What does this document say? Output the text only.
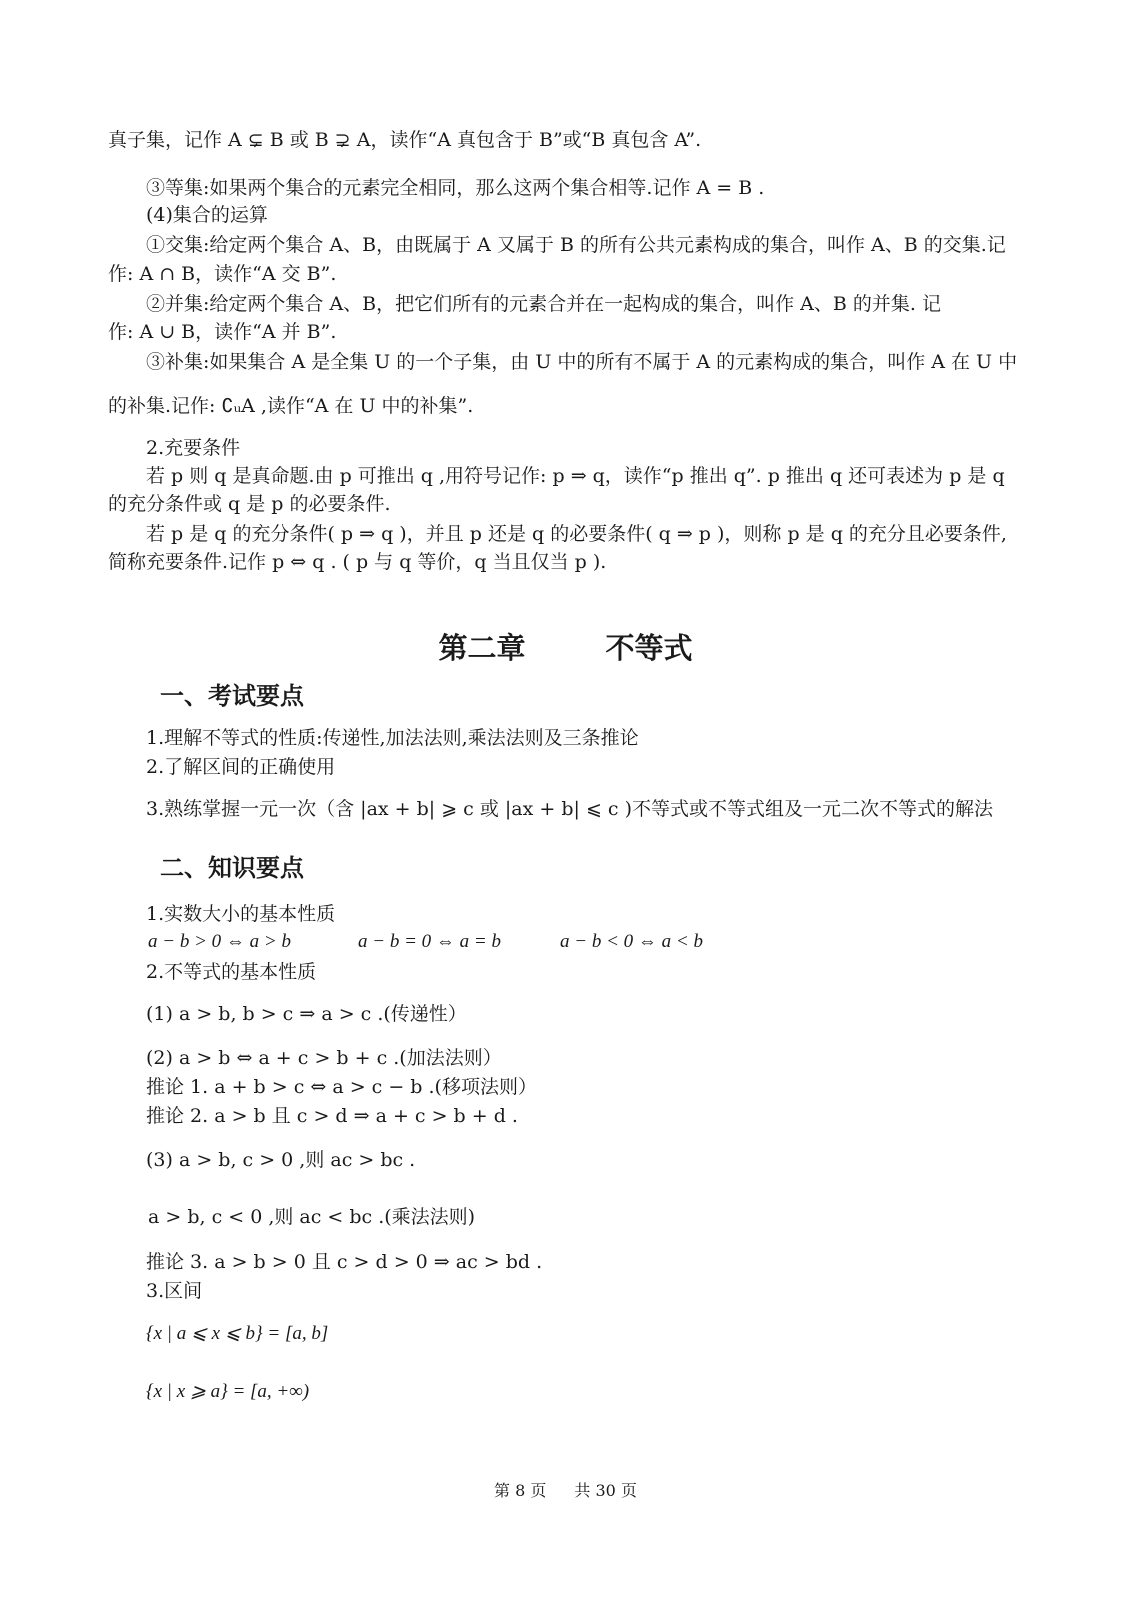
真子集，记作 A ⊊ B 或 B ⊋ A，读作“A 真包含于 B”或“B 真包含 A”.
③等集:如果两个集合的元素完全相同，那么这两个集合相等.记作 A = B .
(4)集合的运算
①交集:给定两个集合 A、B，由既属于 A 又属于 B 的所有公共元素构成的集合，叫作 A、B 的交集.记
作: A ∩ B，读作“A 交 B”.
②并集:给定两个集合 A、B，把它们所有的元素合并在一起构成的集合，叫作 A、B 的并集. 记
作: A ∪ B，读作“A 并 B”.
③补集:如果集合 A 是全集 U 的一个子集，由 U 中的所有不属于 A 的元素构成的集合，叫作 A 在 U 中
的补集.记作: ∁ᵤA ,读作“A 在 U 中的补集”.
2.充要条件
若 p 则 q 是真命题.由 p 可推出 q ,用符号记作: p ⇒ q，读作“p 推出 q”. p 推出 q 还可表述为 p 是 q
的充分条件或 q 是 p 的必要条件.
若 p 是 q 的充分条件( p ⇒ q )，并且 p 还是 q 的必要条件( q ⇒ p )，则称 p 是 q 的充分且必要条件,
简称充要条件.记作 p ⇔ q . ( p 与 q 等价，q 当且仅当 p ).
第二章	不等式
一、考试要点
1.理解不等式的性质:传递性,加法法则,乘法法则及三条推论
2.了解区间的正确使用
3.熟练掌握一元一次（含 |ax + b| ⩾ c 或 |ax + b| ⩽ c )不等式或不等式组及一元二次不等式的解法
二、知识要点
1.实数大小的基本性质
a − b > 0 ⇔ a > b	a − b = 0 ⇔ a = b	a − b < 0 ⇔ a < b
2.不等式的基本性质
(1) a > b, b > c ⇒ a > c .(传递性）
(2) a > b ⇔ a + c > b + c .(加法法则）
推论 1. a + b > c ⇔ a > c − b .(移项法则）
推论 2. a > b 且 c > d ⇒ a + c > b + d .
(3) a > b, c > 0 ,则 ac > bc .
a > b, c < 0 ,则 ac < bc .(乘法法则)
推论 3. a > b > 0 且 c > d > 0 ⇒ ac > bd .
3.区间
{x | a ⩽ x ⩽ b} = [a, b]
{x | x ⩾ a} = [a, +∞)
第 8 页 共 30 页
